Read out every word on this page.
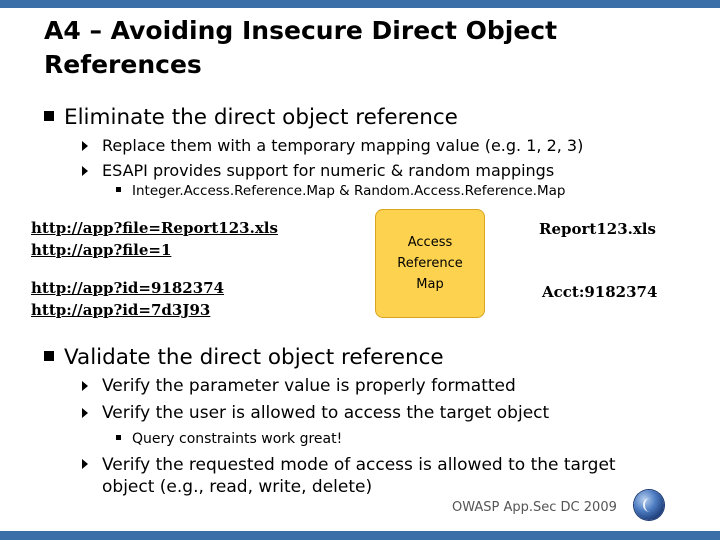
A4 – Avoiding Insecure Direct Object References
Eliminate the direct object reference
Replace them with a temporary mapping value (e.g. 1, 2, 3)
ESAPI provides support for numeric & random mappings
Integer.Access.Reference.Map & Random.Access.Reference.Map
http://app?file=Report123.xls
http://app?file=1
http://app?id=9182374
http://app?id=7d3J93
Access Reference Map
Report123.xls
Acct:9182374
Validate the direct object reference
Verify the parameter value is properly formatted
Verify the user is allowed to access the target object
Query constraints work great!
Verify the requested mode of access is allowed to the target object (e.g., read, write, delete)
OWASP App.Sec DC 2009
